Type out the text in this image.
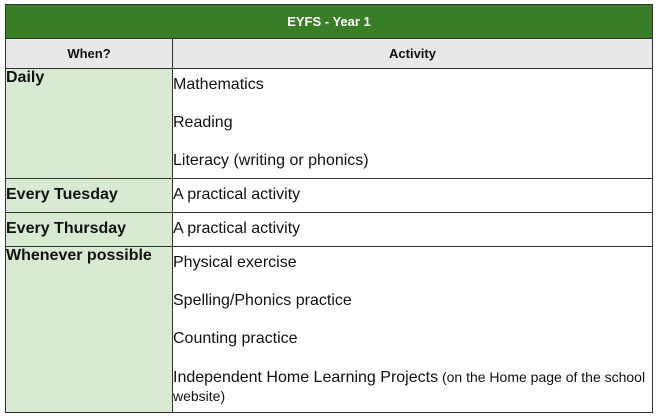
EYFS - Year 1	
When?	Activity
Daily	Mathematics
Reading
Literacy (writing or phonics)

Every Tuesday	A practical activity

Every Thursday	A practical activity

Whenever possible	Physical exercise
Spelling/Phonics practice
Counting practice
Independent Home Learning Projects (on the Home page of the school website)
